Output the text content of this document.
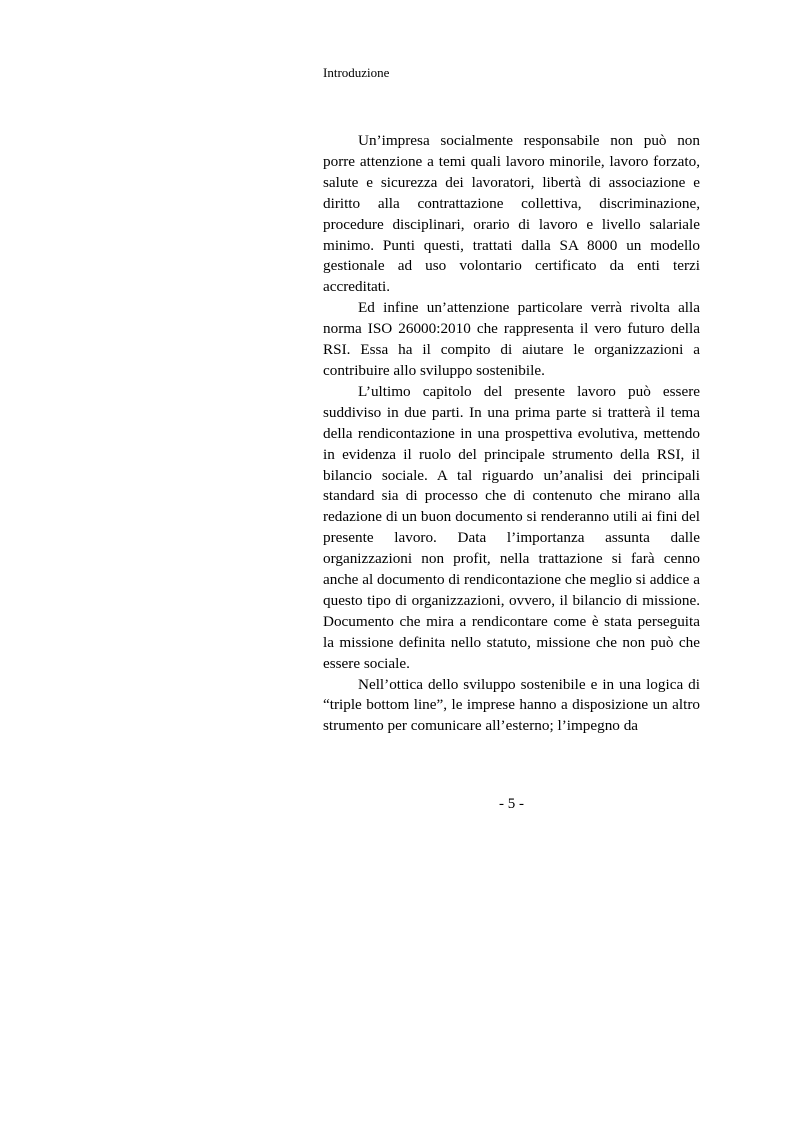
Introduzione

Un’impresa socialmente responsabile non può non porre attenzione a temi quali lavoro minorile, lavoro forzato, salute e sicurezza dei lavoratori, libertà di associazione e diritto alla contrattazione collettiva, discriminazione, procedure disciplinari, orario di lavoro e livello salariale minimo. Punti questi, trattati dalla SA 8000 un modello gestionale ad uso volontario certificato da enti terzi accreditati.

Ed infine un’attenzione particolare verrà rivolta alla norma ISO 26000:2010 che rappresenta il vero futuro della RSI. Essa ha il compito di aiutare le organizzazioni a contribuire allo sviluppo sostenibile.

L’ultimo capitolo del presente lavoro può essere suddiviso in due parti. In una prima parte si tratterà il tema della rendicontazione in una prospettiva evolutiva, mettendo in evidenza il ruolo del principale strumento della RSI, il bilancio sociale. A tal riguardo un’analisi dei principali standard sia di processo che di contenuto che mirano alla redazione di un buon documento si renderanno utili ai fini del presente lavoro. Data l’importanza assunta dalle organizzazioni non profit, nella trattazione si farà cenno anche al documento di rendicontazione che meglio si addice a questo tipo di organizzazioni, ovvero, il bilancio di missione. Documento che mira a rendicontare come è stata perseguita la missione definita nello statuto, missione che non può che essere sociale.

Nell’ottica dello sviluppo sostenibile e in una logica di “triple bottom line”, le imprese hanno a disposizione un altro strumento per comunicare all’esterno; l’impegno da

- 5 -
